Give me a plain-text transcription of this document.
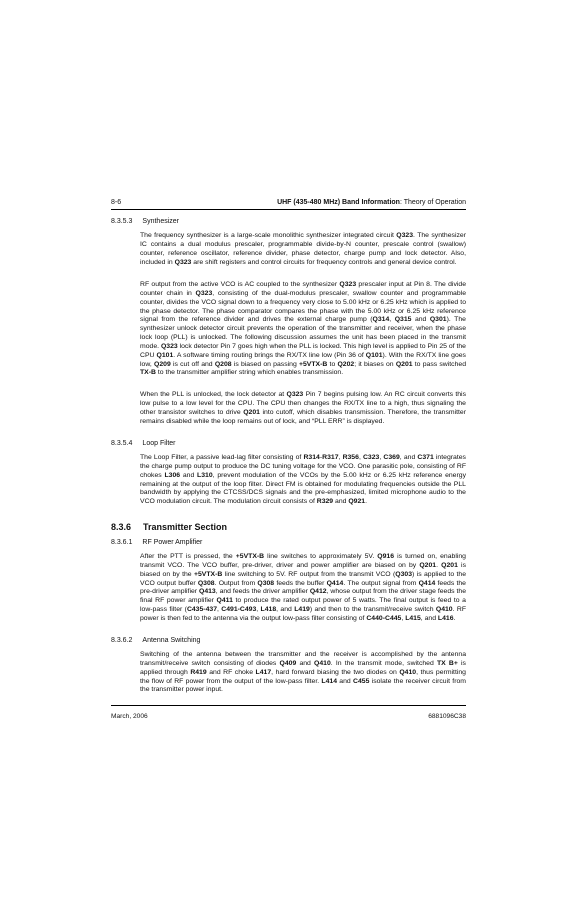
8-6	UHF (435-480 MHz) Band Information: Theory of Operation
8.3.5.3 Synthesizer
The frequency synthesizer is a large-scale monolithic synthesizer integrated circuit Q323. The synthesizer IC contains a dual modulus prescaler, programmable divide-by-N counter, prescale control (swallow) counter, reference oscillator, reference divider, phase detector, charge pump and lock detector. Also, included in Q323 are shift registers and control circuits for frequency controls and general device control.
RF output from the active VCO is AC coupled to the synthesizer Q323 prescaler input at Pin 8. The divide counter chain in Q323, consisting of the dual-modulus prescaler, swallow counter and programmable counter, divides the VCO signal down to a frequency very close to 5.00 kHz or 6.25 kHz which is applied to the phase detector. The phase comparator compares the phase with the 5.00 kHz or 6.25 kHz reference signal from the reference divider and drives the external charge pump (Q314, Q315 and Q301). The synthesizer unlock detector circuit prevents the operation of the transmitter and receiver, when the phase lock loop (PLL) is unlocked. The following discussion assumes the unit has been placed in the transmit mode. Q323 lock detector Pin 7 goes high when the PLL is locked. This high level is applied to Pin 25 of the CPU Q101. A software timing routing brings the RX/TX line low (Pin 36 of Q101). With the RX/TX line goes low, Q209 is cut off and Q208 is biased on passing +5VTX-B to Q202; it biases on Q201 to pass switched TX-B to the transmitter amplifier string which enables transmission.
When the PLL is unlocked, the lock detector at Q323 Pin 7 begins pulsing low. An RC circuit converts this low pulse to a low level for the CPU. The CPU then changes the RX/TX line to a high, thus signaling the other transistor switches to drive Q201 into cutoff, which disables transmission. Therefore, the transmitter remains disabled while the loop remains out of lock, and “PLL ERR” is displayed.
8.3.5.4 Loop Filter
The Loop Filter, a passive lead-lag filter consisting of R314-R317, R356, C323, C369, and C371 integrates the charge pump output to produce the DC tuning voltage for the VCO. One parasitic pole, consisting of RF chokes L306 and L310, prevent modulation of the VCOs by the 5.00 kHz or 6.25 kHz reference energy remaining at the output of the loop filter. Direct FM is obtained for modulating frequencies outside the PLL bandwidth by applying the CTCSS/DCS signals and the pre-emphasized, limited microphone audio to the VCO modulation circuit. The modulation circuit consists of R329 and Q921.
8.3.6 Transmitter Section
8.3.6.1 RF Power Amplifier
After the PTT is pressed, the +5VTX-B line switches to approximately 5V. Q916 is turned on, enabling transmit VCO. The VCO buffer, pre-driver, driver and power amplifier are biased on by Q201. Q201 is biased on by the +5VTX-B line switching to 5V. RF output from the transmit VCO (Q303) is applied to the VCO output buffer Q308. Output from Q308 feeds the buffer Q414. The output signal from Q414 feeds the pre-driver amplifier Q413, and feeds the driver amplifier Q412, whose output from the driver stage feeds the final RF power amplifier Q411 to produce the rated output power of 5 watts. The final output is feed to a low-pass filter (C435-437, C491-C493, L418, and L419) and then to the transmit/receive switch Q410. RF power is then fed to the antenna via the output low-pass filter consisting of C440-C445, L415, and L416.
8.3.6.2 Antenna Switching
Switching of the antenna between the transmitter and the receiver is accomplished by the antenna transmit/receive switch consisting of diodes Q409 and Q410. In the transmit mode, switched TX B+ is applied through R419 and RF choke L417, hard forward biasing the two diodes on Q410, thus permitting the flow of RF power from the output of the low-pass filter. L414 and C455 isolate the receiver circuit from the transmitter power input.
March, 2006	6881096C38
